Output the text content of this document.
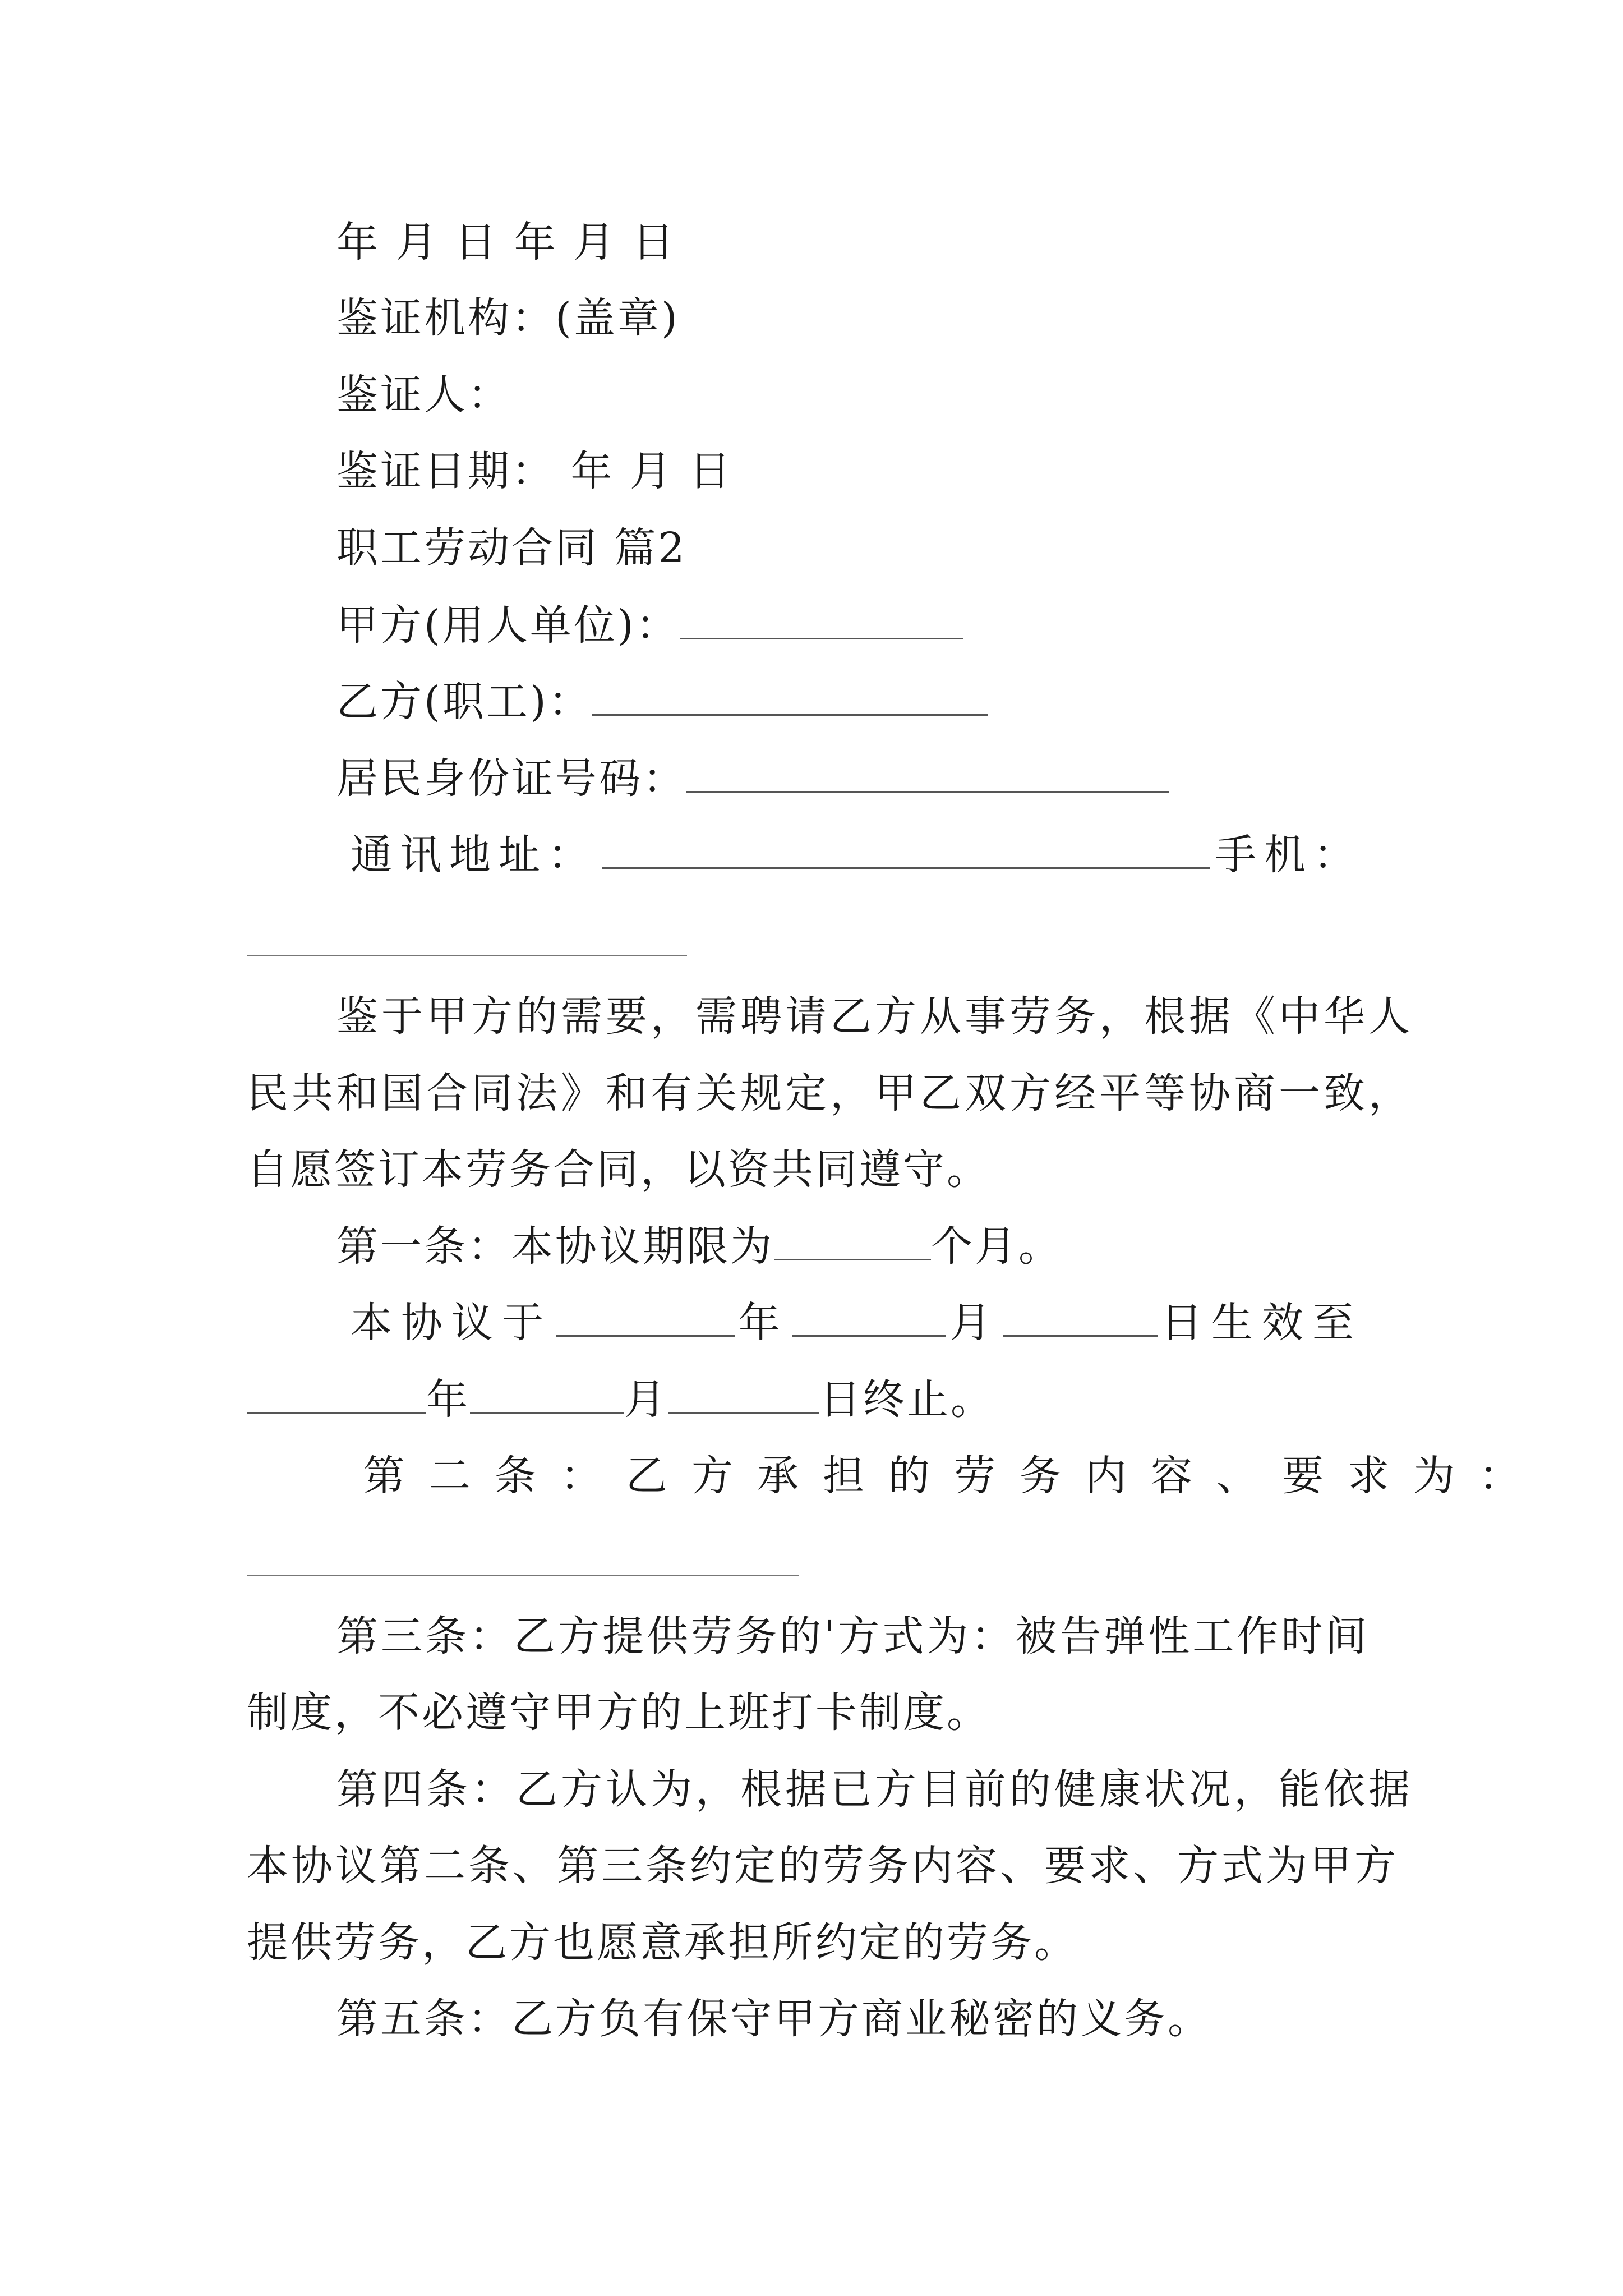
年 月 日 年 月 日
鉴证机构：(盖章)
鉴证人：
鉴证日期： 年 月 日
职工劳动合同 篇2
甲方(用人单位)：
乙方(职工)：
居民身份证号码：
通讯地址：	手机：
鉴于甲方的需要，需聘请乙方从事劳务，根据《中华人
民共和国合同法》和有关规定，甲乙双方经平等协商一致，
自愿签订本劳务合同，以资共同遵守。
第一条：本协议期限为	个月。
本协议于	年	月	日生效至
年	月	日终止。
第二条：乙方承担的劳务内容、要求为：
第三条：乙方提供劳务的'方式为：被告弹性工作时间
制度，不必遵守甲方的上班打卡制度。
第四条：乙方认为，根据已方目前的健康状况，能依据
本协议第二条、第三条约定的劳务内容、要求、方式为甲方
提供劳务，乙方也愿意承担所约定的劳务。
第五条：乙方负有保守甲方商业秘密的义务。
